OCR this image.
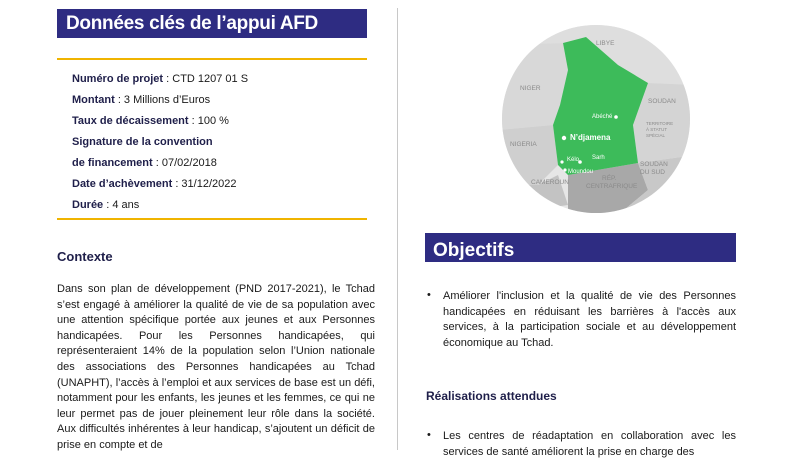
Données clés de l’appui AFD
Numéro de projet : CTD 1207 01 S
Montant : 3 Millions d’Euros
Taux de décaissement : 100 %
Signature de la convention
de financement : 07/02/2018
Date d’achèvement : 31/12/2022
Durée : 4 ans
Contexte
Dans son plan de développement (PND 2017-2021), le Tchad s’est engagé à améliorer la qualité de vie de sa population avec une attention spécifique portée aux jeunes et aux Personnes handicapées. Pour les Personnes handicapées, qui représenteraient 14% de la population selon l’Union nationale des associations des Personnes handicapées au Tchad (UNAPHT), l’accès à l’emploi et aux services de base est un défi, notamment pour les enfants, les jeunes et les femmes, ce qui ne leur permet pas de jouer pleinement leur rôle dans la société. Aux difficultés inhérentes à leur handicap, s’ajoutent un déficit de prise en compte et de
LIBYE
NIGER
SOUDAN
TERRITOIRE
À STATUT
SPÉCIAL
NIGERIA
CAMEROUN
SOUDAN
DU SUD
RÉP.
CENTRAFRIQUE
Abéché
N’djamena
Sarh
Kélo
Moundou
Objectifs
• Améliorer l'inclusion et la qualité de vie des Personnes handicapées en réduisant les barrières à l'accès aux services, à la participation sociale et au développement économique au Tchad.
Réalisations attendues
• Les centres de réadaptation en collaboration avec les services de santé améliorent la prise en charge des
